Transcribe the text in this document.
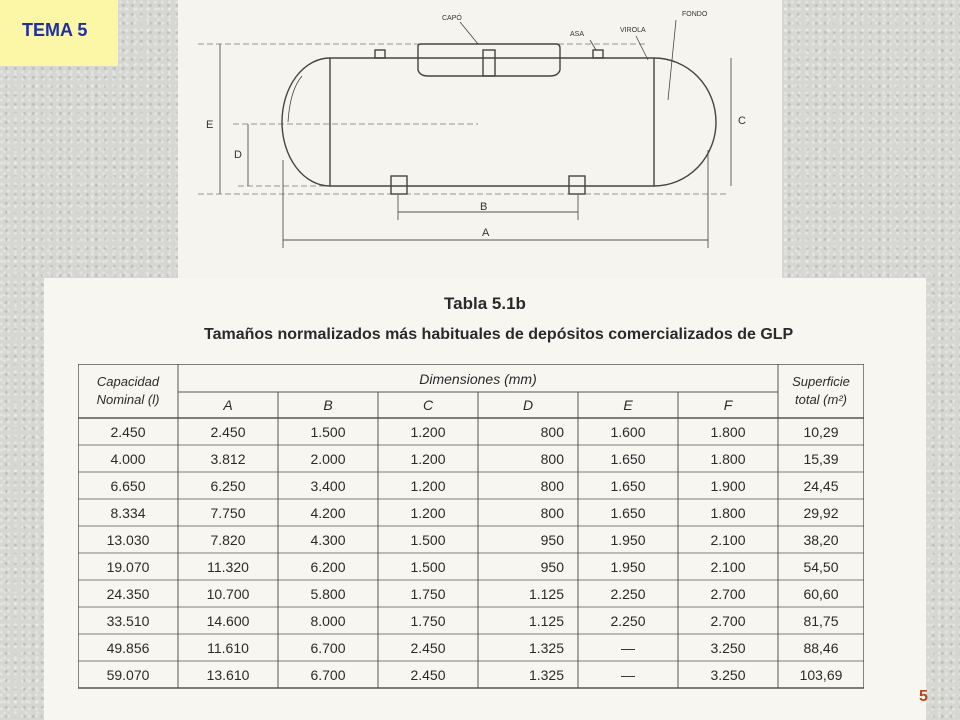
TEMA 5
CAPÓ
ASA
VIROLA
FONDO
E
D
C
B
A
Tabla 5.1b
Tamaños normalizados más habituales de depósitos comercializados de GLP
Capacidad
Nominal (l)
Dimensiones (mm)	Superficie
total (m²)
A	B	C	D	E	F
2.450	2.450	1.500	1.200	800	1.600	1.800	10,29
4.000	3.812	2.000	1.200	800	1.650	1.800	15,39
6.650	6.250	3.400	1.200	800	1.650	1.900	24,45
8.334	7.750	4.200	1.200	800	1.650	1.800	29,92
13.030	7.820	4.300	1.500	950	1.950	2.100	38,20
19.070	11.320	6.200	1.500	950	1.950	2.100	54,50
24.350	10.700	5.800	1.750	1.125	2.250	2.700	60,60
33.510	14.600	8.000	1.750	1.125	2.250	2.700	81,75
49.856	11.610	6.700	2.450	1.325	—	3.250	88,46
59.070	13.610	6.700	2.450	1.325	—	3.250	103,69
5
